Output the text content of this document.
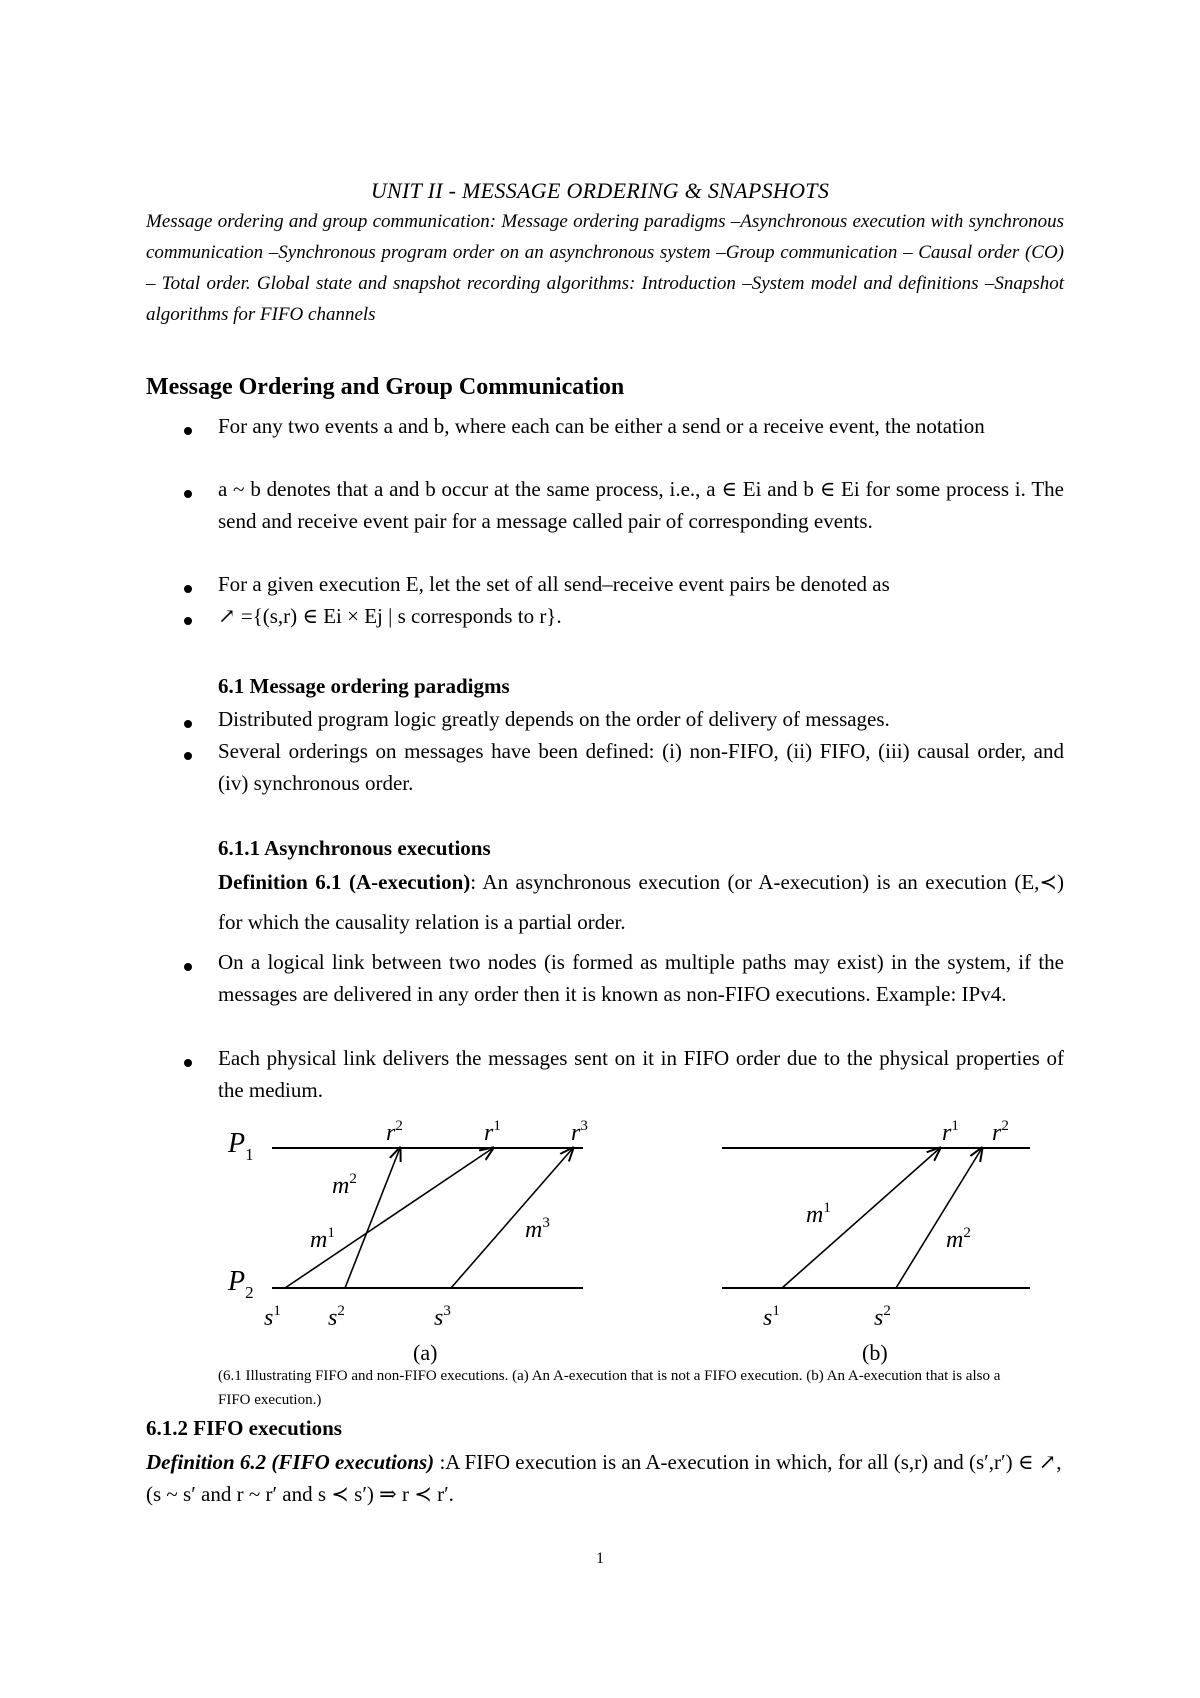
UNIT II - MESSAGE ORDERING & SNAPSHOTS
Message ordering and group communication: Message ordering paradigms –Asynchronous execution with synchronous communication –Synchronous program order on an asynchronous system –Group communication – Causal order (CO) – Total order. Global state and snapshot recording algorithms: Introduction –System model and definitions –Snapshot algorithms for FIFO channels
Message Ordering and Group Communication
For any two events a and b, where each can be either a send or a receive event, the notation
a ~ b denotes that a and b occur at the same process, i.e., a ∈ Ei and b ∈ Ei for some process i. The send and receive event pair for a message called pair of corresponding events.
For a given execution E, let the set of all send–receive event pairs be denoted as
↗ ={(s,r) ∈ Ei × Ej | s corresponds to r}.
6.1 Message ordering paradigms
Distributed program logic greatly depends on the order of delivery of messages.
Several orderings on messages have been defined: (i) non-FIFO, (ii) FIFO, (iii) causal order, and (iv) synchronous order.
6.1.1 Asynchronous executions
Definition 6.1 (A-execution): An asynchronous execution (or A-execution) is an execution (E,≺) for which the causality relation is a partial order.
On a logical link between two nodes (is formed as multiple paths may exist) in the system, if the messages are delivered in any order then it is known as non-FIFO executions. Example: IPv4.
Each physical link delivers the messages sent on it in FIFO order due to the physical properties of the medium.
$P_1$
$P_2$
$r^2$	$r^1$	$r^3$
$m^2$
$m^1$	$m^3$
$s^1$ $s^2$	$s^3$
(a)
$r^1$ $r^2$
$m^1$
$m^2$
$s^1$	$s^2$
(b)
(6.1 Illustrating FIFO and non-FIFO executions. (a) An A-execution that is not a FIFO execution. (b) An A-execution that is also a FIFO execution.)
6.1.2 FIFO executions
Definition 6.2 (FIFO executions) :A FIFO execution is an A-execution in which, for all (s,r) and (s′,r′) ∈ ↗, (s ~ s′ and r ~ r′ and s ≺ s′) ⇒ r ≺ r′.
1
